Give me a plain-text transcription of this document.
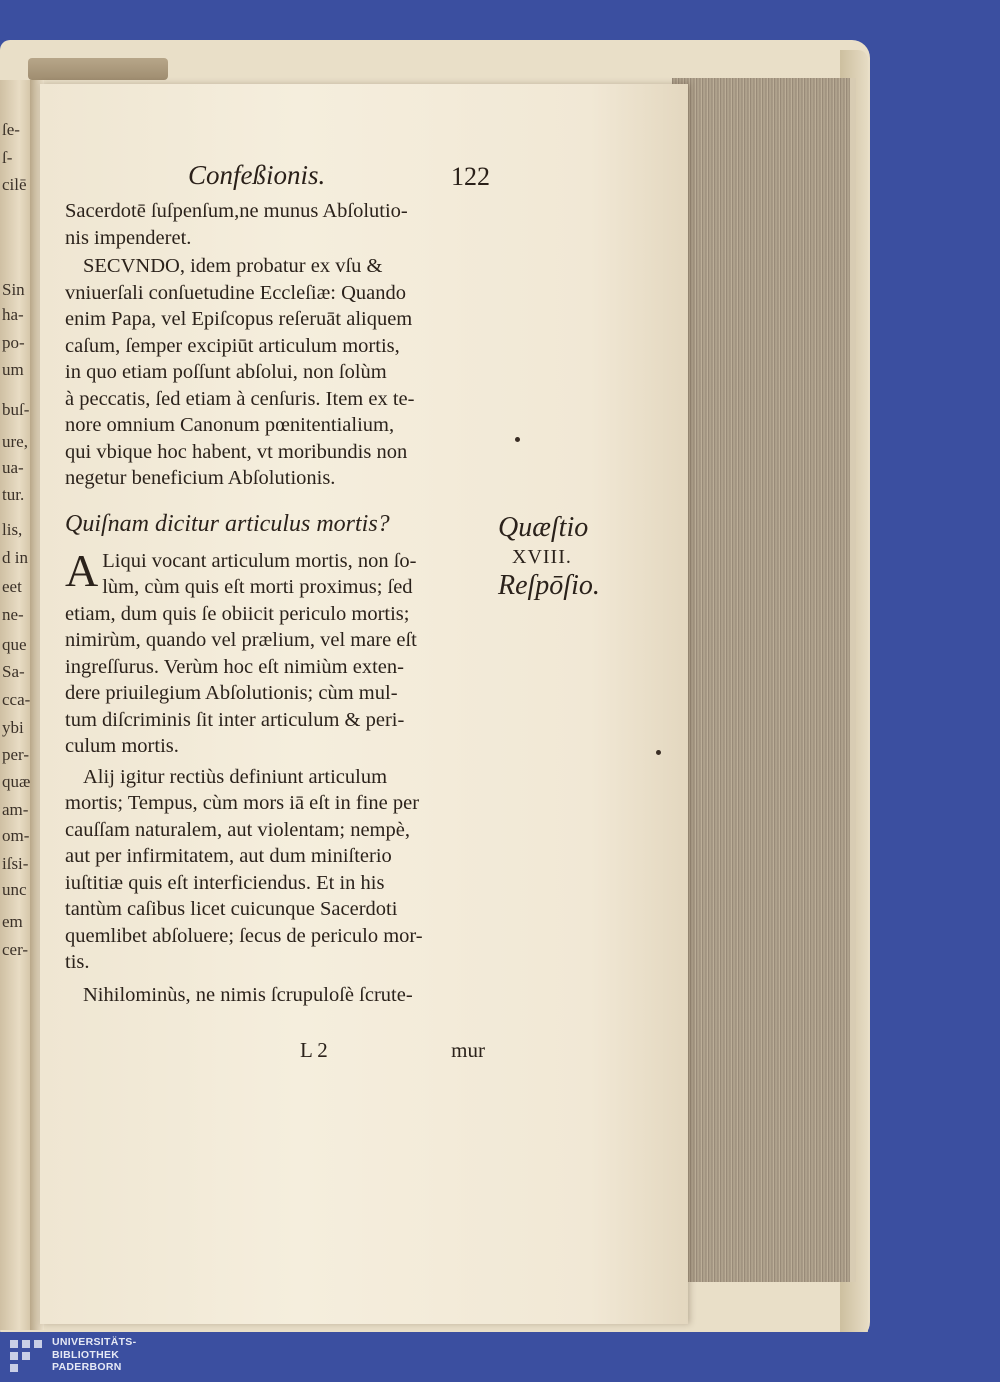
ſe-
ſ-
cilē
Sin
ha-
po-
um
buſ-
ure,
ua-
tur.
lis,
d in
eet
ne-
que
Sa-
cca-
ybi
per-
quæ
am-
om-
iſsi-
unc
em
cer-
Confeßionis.	122
Sacerdotē ſuſpenſum,ne munus Abſolutio-
nis impenderet.
SECVNDO, idem probatur ex vſu &
vniuerſali conſuetudine Eccleſiæ: Quando
enim Papa, vel Epiſcopus reſeruāt aliquem
caſum, ſemper excipiūt articulum mortis,
in quo etiam poſſunt abſolui, non ſolùm
à peccatis, ſed etiam à cenſuris. Item ex te-
nore omnium Canonum pœnitentialium,
qui vbique hoc habent, vt moribundis non
negetur beneficium Abſolutionis.
Quiſnam dicitur articulus mortis?
A Liqui vocant articulum mortis, non ſo-
lùm, cùm quis eſt morti proximus; ſed
etiam, dum quis ſe obiicit periculo mortis;
nimirùm, quando vel prælium, vel mare eſt
ingreſſurus. Verùm hoc eſt nimiùm exten-
dere priuilegium Abſolutionis; cùm mul-
tum diſcriminis ſit inter articulum & peri-
culum mortis.
Alij igitur rectiùs definiunt articulum
mortis; Tempus, cùm mors iā eſt in fine per
cauſſam naturalem, aut violentam; nempè,
aut per infirmitatem, aut dum miniſterio
iuſtitiæ quis eſt interficiendus. Et in his
tantùm caſibus licet cuicunque Sacerdoti
quemlibet abſoluere; ſecus de periculo mor-
tis.
Nihilominùs, ne nimis ſcrupuloſè ſcrute-
L 2	mur
Quæſtio
XVIII.
Reſpōſio.
UNIVERSITÄTS-
BIBLIOTHEK
PADERBORN
